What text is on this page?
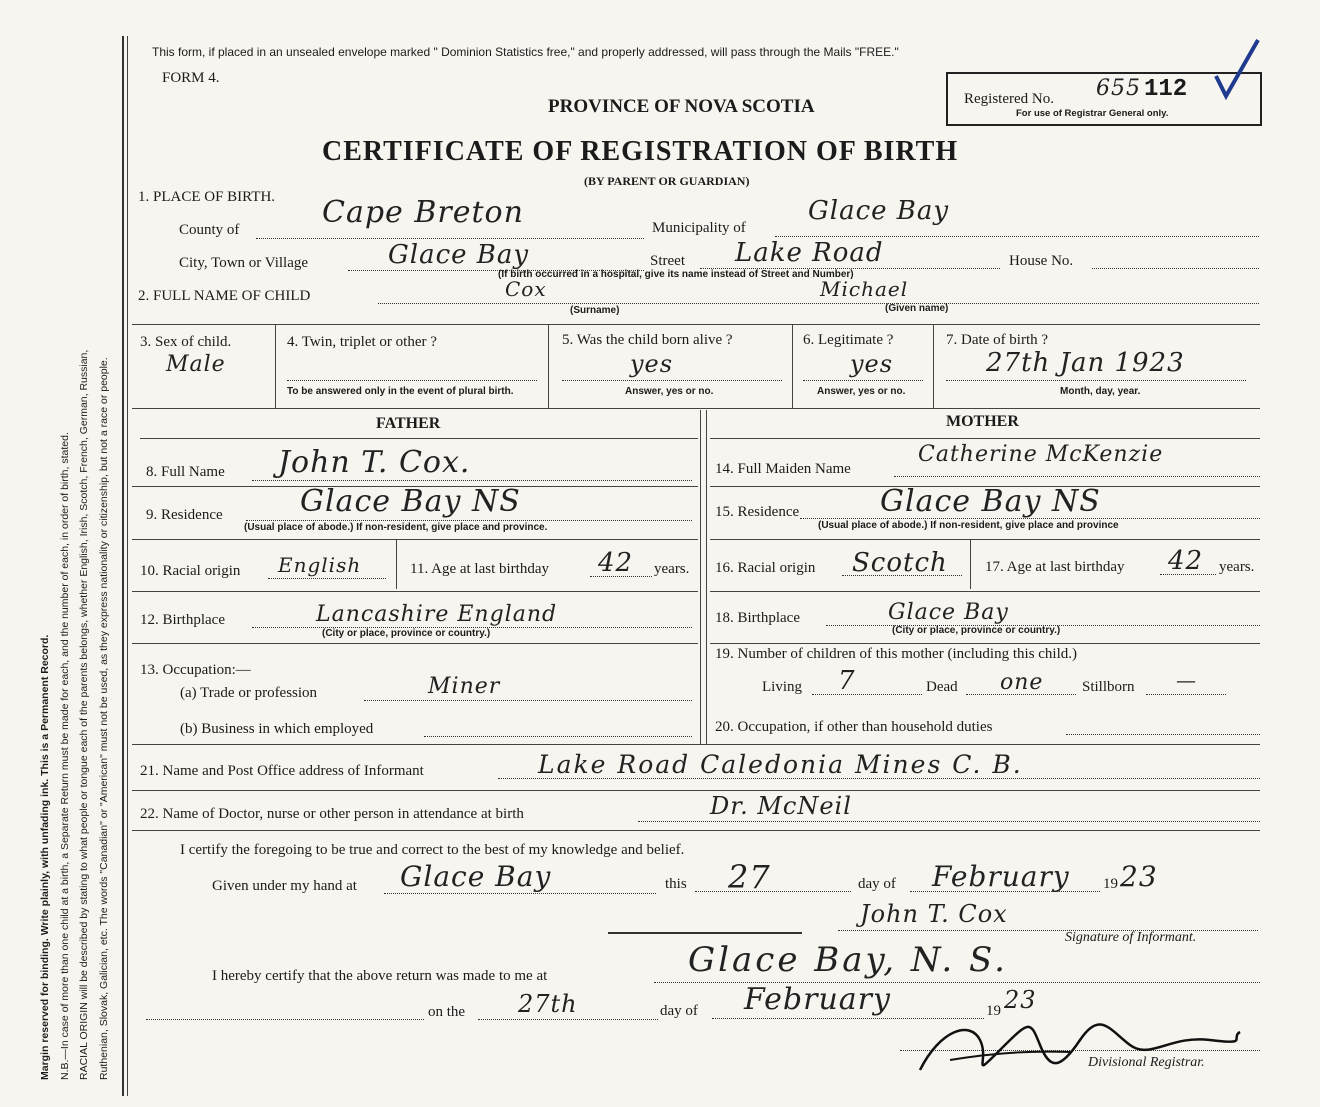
Margin reserved for binding. Write plainly, with unfading ink. This is a Permanent Record. N.B.—In case of more than one child at a birth, a Separate Return must be made for each, and the number of each, in order of birth, stated. RACIAL ORIGIN will be described by stating to what people or tongue each of the parents belongs, whether English, Irish, Scotch, French, German, Russian, Ruthenian, Slovak, Galician, etc. The words "Canadian" or "American" must not be used, as they express nationality or citizenship, but not a race or people.
This form, if placed in an unsealed envelope marked " Dominion Statistics free," and properly addressed, will pass through the Mails "FREE."
FORM 4.
PROVINCE OF NOVA SCOTIA
CERTIFICATE OF REGISTRATION OF BIRTH
(BY PARENT OR GUARDIAN)
Registered No. 655 112
For use of Registrar General only.
1. PLACE OF BIRTH.
County of	Cape Breton	Municipality of
Glace Bay
City, Town or Village	Glace Bay	Street Lake Road
(If birth occurred in a hospital, give its name instead of Street and Number)
House No.
2. FULL NAME OF CHILD	Cox	Michael
(Surname)	(Given name)
3. Sex of child.
Male
4. Twin, triplet or other ?
To be answered only in the event of plural birth.
5. Was the child born alive ?
yes
Answer, yes or no.
6. Legitimate ?
yes
Answer, yes or no.
7. Date of birth ?
27th Jan 1923
Month, day, year.
FATHER	MOTHER
8. Full Name John T. Cox.
9. Residence	Glace Bay NS
(Usual place of abode.) If non-resident, give place and province.
10. Racial origin English	11. Age at last birthday 42 years.
12. Birthplace	Lancashire England
(City or place, province or country.)
13. Occupation:—
(a) Trade or profession	Miner
(b) Business in which employed
14. Full Maiden Name
Catherine McKenzie
15. Residence	Glace Bay NS
(Usual place of abode.) If non-resident, give place and province
16. Racial origin Scotch 17. Age at last birthday 42 years.
18. Birthplace	Glace Bay
(City or place, province or country.)
19. Number of children of this mother (including this child.)
Living 7	Dead one	Stillborn —
20. Occupation, if other than household duties
21. Name and Post Office address of Informant	Lake Road Caledonia Mines C. B.
22. Name of Doctor, nurse or other person in attendance at birth	Dr. McNeil
I certify the foregoing to be true and correct to the best of my knowledge and belief.
Given under my hand at Glace Bay	this 27	day of February 19 23
John T. Cox
Signature of Informant.
I hereby certify that the above return was made to me at	Glace Bay, N. S.
on the 27th	day of February	19 23
Divisional Registrar.
